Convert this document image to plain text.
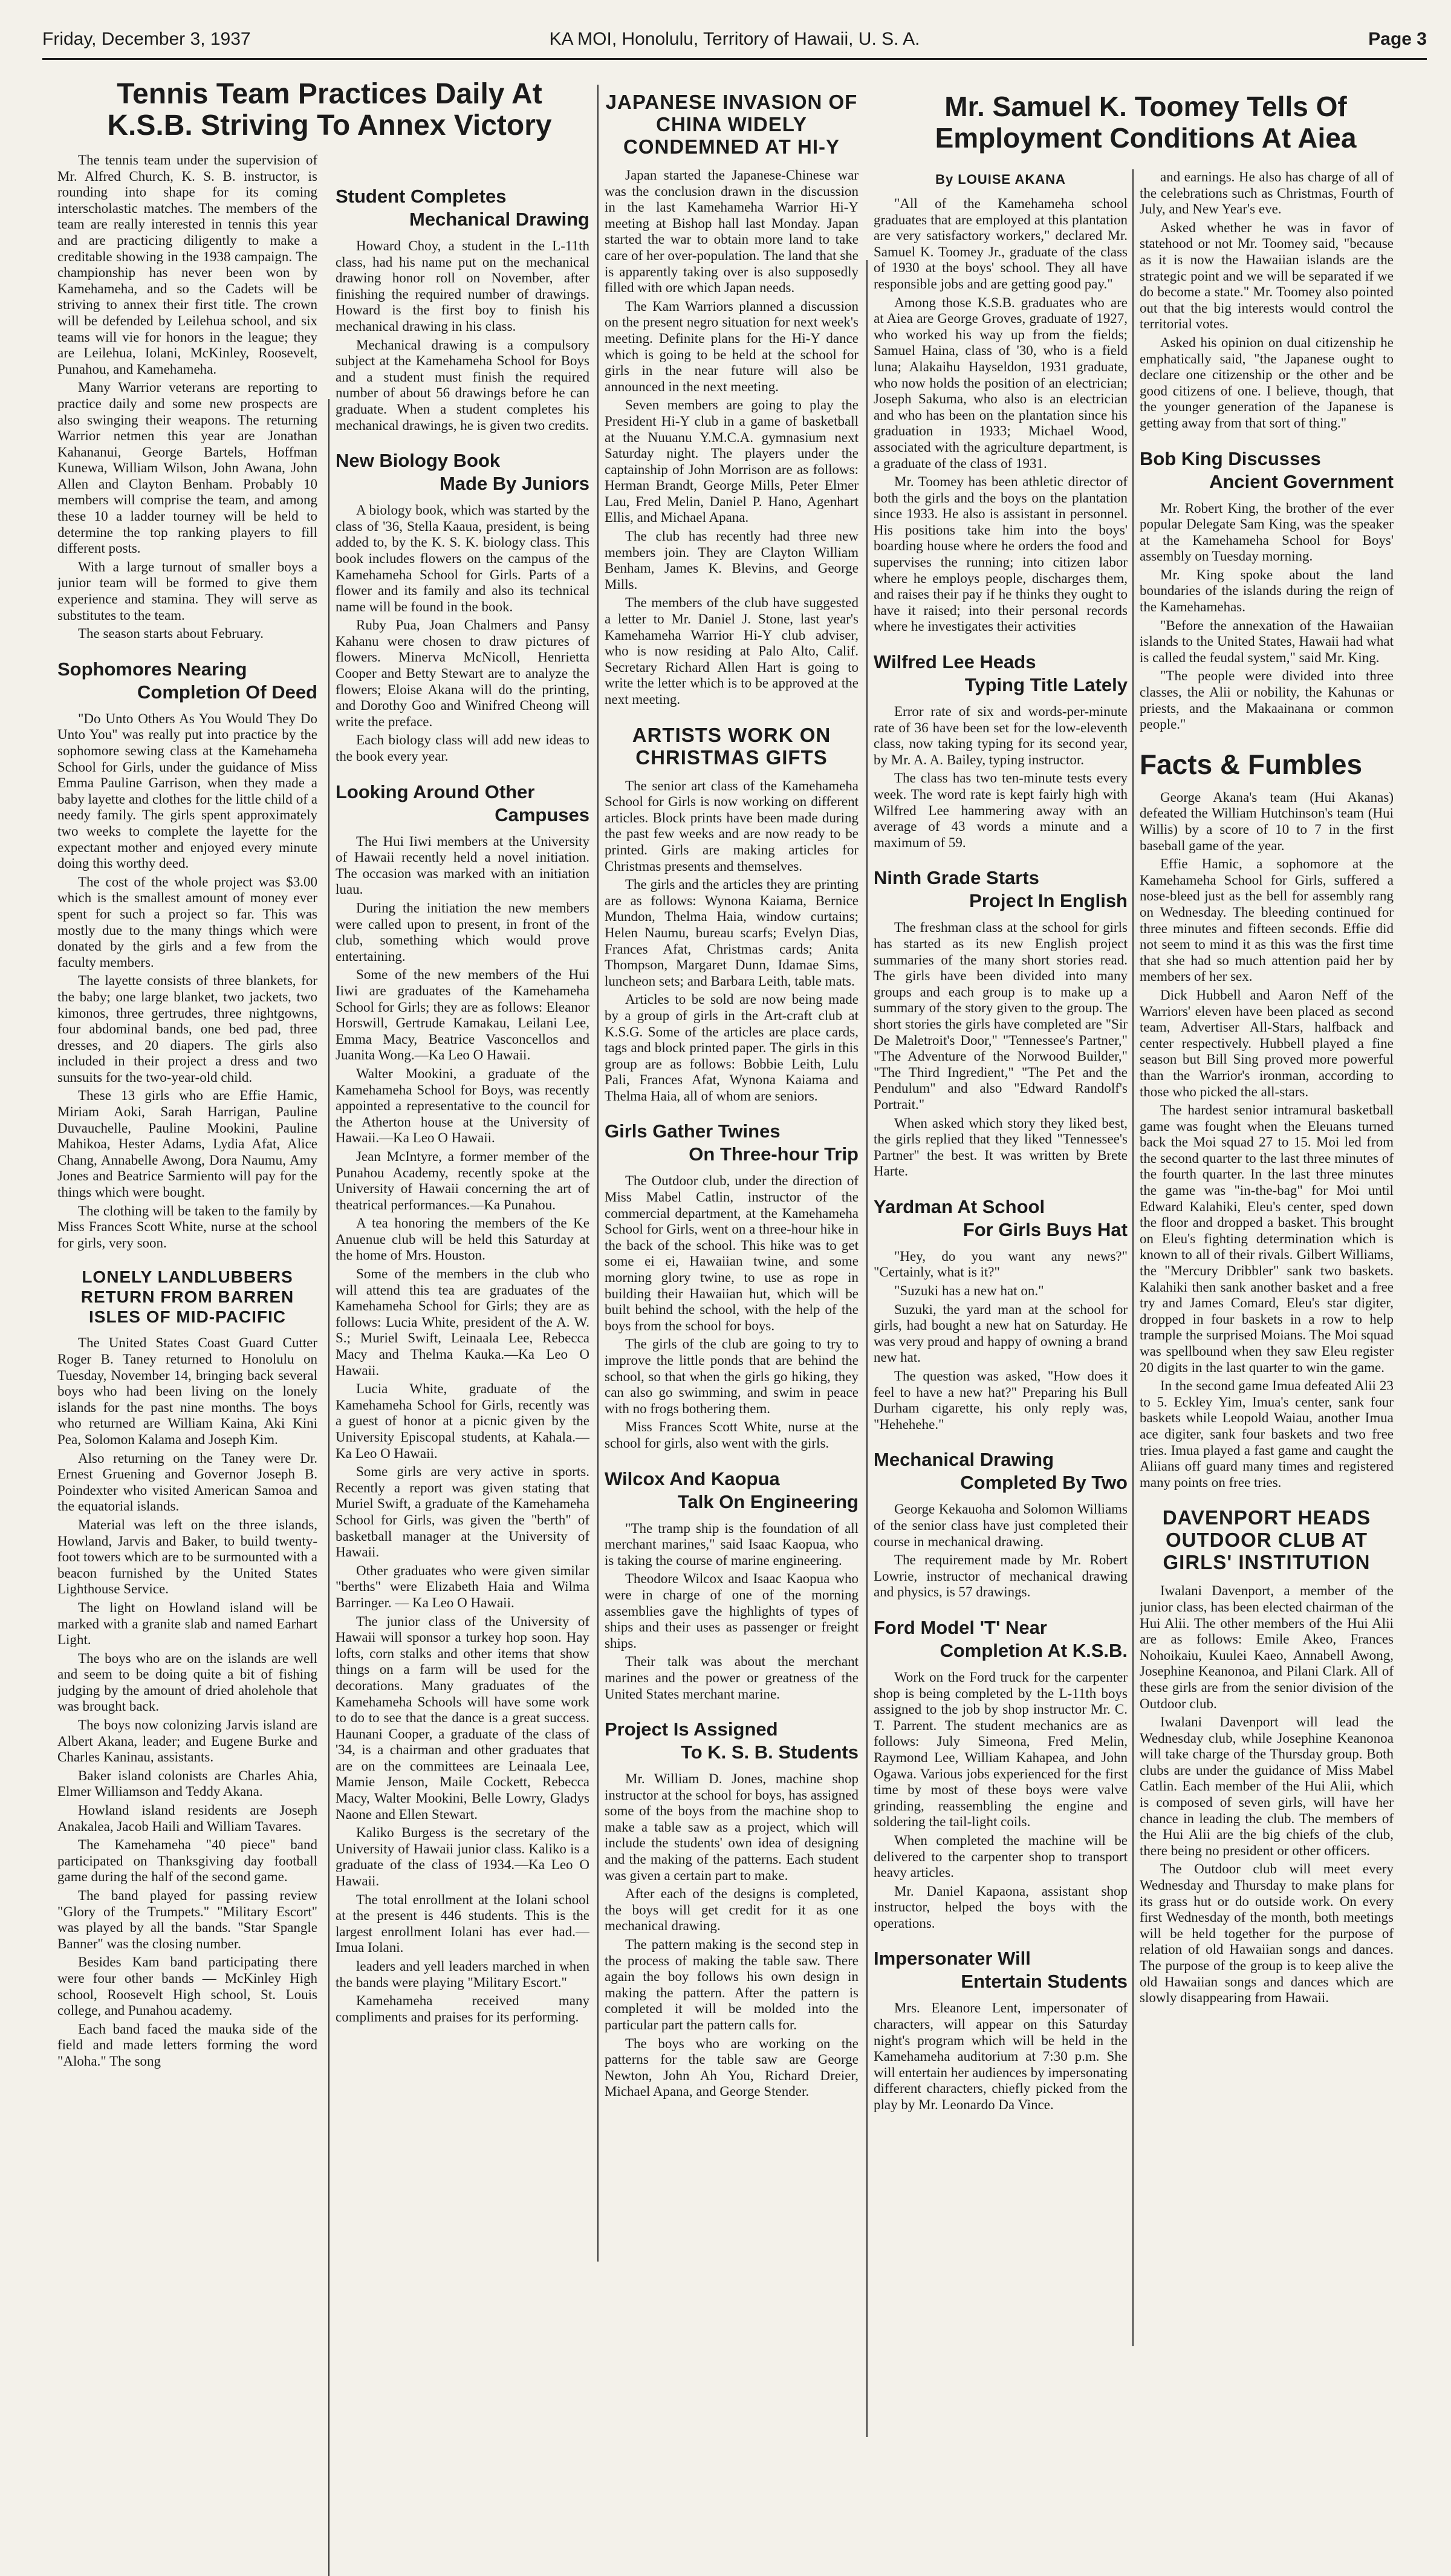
Friday, December 3, 1937	KA MOI, Honolulu, Territory of Hawaii, U. S. A.	Page 3
Tennis Team Practices Daily At
K.S.B. Striving To Annex Victory

The tennis team under the supervision of Mr. Alfred Church, K. S. B. instructor, is rounding into shape for its coming interscholastic matches. The members of the team are really interested in tennis this year and are practicing diligently to make a creditable showing in the 1938 campaign. The championship has never been won by Kamehameha, and so the Cadets will be striving to annex their first title. The crown will be defended by Leilehua school, and six teams will vie for honors in the league; they are Leilehua, Iolani, McKinley, Roosevelt, Punahou, and Kamehameha.

Many Warrior veterans are reporting to practice daily and some new prospects are also swinging their weapons. The returning Warrior netmen this year are Jonathan Kahananui, George Bartels, Hoffman Kunewa, William Wilson, John Awana, John Allen and Clayton Benham. Probably 10 members will comprise the team, and among these 10 a ladder tourney will be held to determine the top ranking players to fill different posts.

With a large turnout of smaller boys a junior team will be formed to give them experience and stamina. They will serve as substitutes to the team.

The season starts about February.

Sophomores Nearing
Completion Of Deed

"Do Unto Others As You Would They Do Unto You" was really put into practice by the sophomore sewing class at the Kamehameha School for Girls, under the guidance of Miss Emma Pauline Garrison, when they made a baby layette and clothes for the little child of a needy family. The girls spent approximately two weeks to complete the layette for the expectant mother and enjoyed every minute doing this worthy deed.

The cost of the whole project was $3.00 which is the smallest amount of money ever spent for such a project so far. This was mostly due to the many things which were donated by the girls and a few from the faculty members.

The layette consists of three blankets, for the baby; one large blanket, two jackets, two kimonos, three gertrudes, three nightgowns, four abdominal bands, one bed pad, three dresses, and 20 diapers. The girls also included in their project a dress and two sunsuits for the two-year-old child.

These 13 girls who are Effie Hamic, Miriam Aoki, Sarah Harrigan, Pauline Duvauchelle, Pauline Mookini, Pauline Mahikoa, Hester Adams, Lydia Afat, Alice Chang, Annabelle Awong, Dora Naumu, Amy Jones and Beatrice Sarmiento will pay for the things which were bought.

The clothing will be taken to the family by Miss Frances Scott White, nurse at the school for girls, very soon.

LONELY LANDLUBBERS RETURN FROM BARREN ISLES OF MID-PACIFIC

The United States Coast Guard Cutter Roger B. Taney returned to Honolulu on Tuesday, November 14, bringing back several boys who had been living on the lonely islands for the past nine months. The boys who returned are William Kaina, Aki Kini Pea, Solomon Kalama and Joseph Kim.

Also returning on the Taney were Dr. Ernest Gruening and Governor Joseph B. Poindexter who visited American Samoa and the equatorial islands.

Material was left on the three islands, Howland, Jarvis and Baker, to build twenty-foot towers which are to be surmounted with a beacon furnished by the United States Lighthouse Service.

The light on Howland island will be marked with a granite slab and named Earhart Light.

The boys who are on the islands are well and seem to be doing quite a bit of fishing judging by the amount of dried aholehole that was brought back.

The boys now colonizing Jarvis island are Albert Akana, leader; and Eugene Burke and Charles Kaninau, assistants.

Baker island colonists are Charles Ahia, Elmer Williamson and Teddy Akana.

Howland island residents are Joseph Anakalea, Jacob Haili and William Tavares.

The Kamehameha "40 piece" band participated on Thanksgiving day football game during the half of the second game.

The band played for passing review "Glory of the Trumpets." "Military Escort" was played by all the bands. "Star Spangle Banner" was the closing number.

Besides Kam band participating there were four other bands — McKinley High school, Roosevelt High school, St. Louis college, and Punahou academy.

Each band faced the mauka side of the field and made letters forming the word "Aloha." The song

Student Completes
Mechanical Drawing

Howard Choy, a student in the L-11th class, had his name put on the mechanical drawing honor roll on November, after finishing the required number of drawings. Howard is the first boy to finish his mechanical drawing in his class.

Mechanical drawing is a compulsory subject at the Kamehameha School for Boys and a student must finish the required number of about 56 drawings before he can graduate. When a student completes his mechanical drawings, he is given two credits.

New Biology Book
Made By Juniors

A biology book, which was started by the class of '36, Stella Kaaua, president, is being added to, by the K. S. K. biology class. This book includes flowers on the campus of the Kamehameha School for Girls. Parts of a flower and its family and also its technical name will be found in the book.

Ruby Pua, Joan Chalmers and Pansy Kahanu were chosen to draw pictures of flowers. Minerva McNicoll, Henrietta Cooper and Betty Stewart are to analyze the flowers; Eloise Akana will do the printing, and Dorothy Goo and Winifred Cheong will write the preface.

Each biology class will add new ideas to the book every year.

Looking Around Other
Campuses

The Hui Iiwi members at the University of Hawaii recently held a novel initiation. The occasion was marked with an initiation luau.

During the initiation the new members were called upon to present, in front of the club, something which would prove entertaining.

Some of the new members of the Hui Iiwi are graduates of the Kamehameha School for Girls; they are as follows: Eleanor Horswill, Gertrude Kamakau, Leilani Lee, Emma Macy, Beatrice Vasconcellos and Juanita Wong.—Ka Leo O Hawaii.

Walter Mookini, a graduate of the Kamehameha School for Boys, was recently appointed a representative to the council for the Atherton house at the University of Hawaii.—Ka Leo O Hawaii.

Jean McIntyre, a former member of the Punahou Academy, recently spoke at the University of Hawaii concerning the art of theatrical performances.—Ka Punahou.

A tea honoring the members of the Ke Anuenue club will be held this Saturday at the home of Mrs. Houston.

Some of the members in the club who will attend this tea are graduates of the Kamehameha School for Girls; they are as follows: Lucia White, president of the A. W. S.; Muriel Swift, Leinaala Lee, Rebecca Macy and Thelma Kauka.—Ka Leo O Hawaii.

Lucia White, graduate of the Kamehameha School for Girls, recently was a guest of honor at a picnic given by the University Episcopal students, at Kahala.—Ka Leo O Hawaii.

Some girls are very active in sports. Recently a report was given stating that Muriel Swift, a graduate of the Kamehameha School for Girls, was given the "berth" of basketball manager at the University of Hawaii.

Other graduates who were given similar "berths" were Elizabeth Haia and Wilma Barringer. — Ka Leo O Hawaii.

The junior class of the University of Hawaii will sponsor a turkey hop soon. Hay lofts, corn stalks and other items that show things on a farm will be used for the decorations. Many graduates of the Kamehameha Schools will have some work to do to see that the dance is a great success. Haunani Cooper, a graduate of the class of '34, is a chairman and other graduates that are on the committees are Leinaala Lee, Mamie Jenson, Maile Cockett, Rebecca Macy, Walter Mookini, Belle Lowry, Gladys Naone and Ellen Stewart.

Kaliko Burgess is the secretary of the University of Hawaii junior class. Kaliko is a graduate of the class of 1934.—Ka Leo O Hawaii.

The total enrollment at the Iolani school at the present is 446 students. This is the largest enrollment Iolani has ever had.—Imua Iolani.

leaders and yell leaders marched in when the bands were playing "Military Escort."

Kamehameha received many compliments and praises for its performing.

JAPANESE INVASION OF CHINA WIDELY CONDEMNED AT HI-Y

Japan started the Japanese-Chinese war was the conclusion drawn in the discussion in the last Kamehameha Warrior Hi-Y meeting at Bishop hall last Monday. Japan started the war to obtain more land to take care of her over-population. The land that she is apparently taking over is also supposedly filled with ore which Japan needs.

The Kam Warriors planned a discussion on the present negro situation for next week's meeting. Definite plans for the Hi-Y dance which is going to be held at the school for girls in the near future will also be announced in the next meeting.

Seven members are going to play the President Hi-Y club in a game of basketball at the Nuuanu Y.M.C.A. gymnasium next Saturday night. The players under the captainship of John Morrison are as follows: Herman Brandt, George Mills, Peter Elmer Lau, Fred Melin, Daniel P. Hano, Agenhart Ellis, and Michael Apana.

The club has recently had three new members join. They are Clayton William Benham, James K. Blevins, and George Mills.

The members of the club have suggested a letter to Mr. Daniel J. Stone, last year's Kamehameha Warrior Hi-Y club adviser, who is now residing at Palo Alto, Calif. Secretary Richard Allen Hart is going to write the letter which is to be approved at the next meeting.

ARTISTS WORK ON CHRISTMAS GIFTS

The senior art class of the Kamehameha School for Girls is now working on different articles. Block prints have been made during the past few weeks and are now ready to be printed. Girls are making articles for Christmas presents and themselves.

The girls and the articles they are printing are as follows: Wynona Kaiama, Bernice Mundon, Thelma Haia, window curtains; Helen Naumu, bureau scarfs; Evelyn Dias, Frances Afat, Christmas cards; Anita Thompson, Margaret Dunn, Idamae Sims, luncheon sets; and Barbara Leith, table mats.

Articles to be sold are now being made by a group of girls in the Art-craft club at K.S.G. Some of the articles are place cards, tags and block printed paper. The girls in this group are as follows: Bobbie Leith, Lulu Pali, Frances Afat, Wynona Kaiama and Thelma Haia, all of whom are seniors.

Girls Gather Twines
On Three-hour Trip

The Outdoor club, under the direction of Miss Mabel Catlin, instructor of the commercial department, at the Kamehameha School for Girls, went on a three-hour hike in the back of the school. This hike was to get some ei ei, Hawaiian twine, and some morning glory twine, to use as rope in building their Hawaiian hut, which will be built behind the school, with the help of the boys from the school for boys.

The girls of the club are going to try to improve the little ponds that are behind the school, so that when the girls go hiking, they can also go swimming, and swim in peace with no frogs bothering them.

Miss Frances Scott White, nurse at the school for girls, also went with the girls.

Wilcox And Kaopua
Talk On Engineering

"The tramp ship is the foundation of all merchant marines," said Isaac Kaopua, who is taking the course of marine engineering.

Theodore Wilcox and Isaac Kaopua who were in charge of one of the morning assemblies gave the highlights of types of ships and their uses as passenger or freight ships.

Their talk was about the merchant marines and the power or greatness of the United States merchant marine.

Project Is Assigned
To K. S. B. Students

Mr. William D. Jones, machine shop instructor at the school for boys, has assigned some of the boys from the machine shop to make a table saw as a project, which will include the students' own idea of designing and the making of the patterns. Each student was given a certain part to make.

After each of the designs is completed, the boys will get credit for it as one mechanical drawing.

The pattern making is the second step in the process of making the table saw. There again the boy follows his own design in making the pattern. After the pattern is completed it will be molded into the particular part the pattern calls for.

The boys who are working on the patterns for the table saw are George Newton, John Ah You, Richard Dreier, Michael Apana, and George Stender.

Mr. Samuel K. Toomey Tells Of
Employment Conditions At Aiea
By LOUISE AKANA

"All of the Kamehameha school graduates that are employed at this plantation are very satisfactory workers," declared Mr. Samuel K. Toomey Jr., graduate of the class of 1930 at the boys' school. They all have responsible jobs and are getting good pay."

Among those K.S.B. graduates who are at Aiea are George Groves, graduate of 1927, who worked his way up from the fields; Samuel Haina, class of '30, who is a field luna; Alakaihu Hayseldon, 1931 graduate, who now holds the position of an electrician; Joseph Sakuma, who also is an electrician and who has been on the plantation since his graduation in 1933; Michael Wood, associated with the agriculture department, is a graduate of the class of 1931.

Mr. Toomey has been athletic director of both the girls and the boys on the plantation since 1933. He also is assistant in personnel. His positions take him into the boys' boarding house where he orders the food and supervises the running; into citizen labor where he employs people, discharges them, and raises their pay if he thinks they ought to have it raised; into their personal records where he investigates their activities

Wilfred Lee Heads
Typing Title Lately

Error rate of six and words-per-minute rate of 36 have been set for the low-eleventh class, now taking typing for its second year, by Mr. A. A. Bailey, typing instructor.

The class has two ten-minute tests every week. The word rate is kept fairly high with Wilfred Lee hammering away with an average of 43 words a minute and a maximum of 59.

Ninth Grade Starts
Project In English

The freshman class at the school for girls has started as its new English project summaries of the many short stories read. The girls have been divided into many groups and each group is to make up a summary of the story given to the group. The short stories the girls have completed are "Sir De Maletroit's Door," "Tennessee's Partner," "The Adventure of the Norwood Builder," "The Third Ingredient," "The Pet and the Pendulum" and also "Edward Randolf's Portrait."

When asked which story they liked best, the girls replied that they liked "Tennessee's Partner" the best. It was written by Brete Harte.

Yardman At School
For Girls Buys Hat

"Hey, do you want any news?" "Certainly, what is it?"

"Suzuki has a new hat on."

Suzuki, the yard man at the school for girls, had bought a new hat on Saturday. He was very proud and happy of owning a brand new hat.

The question was asked, "How does it feel to have a new hat?" Preparing his Bull Durham cigarette, his only reply was, "Hehehehe."

Mechanical Drawing
Completed By Two

George Kekauoha and Solomon Williams of the senior class have just completed their course in mechanical drawing.

The requirement made by Mr. Robert Lowrie, instructor of mechanical drawing and physics, is 57 drawings.

Ford Model 'T' Near
Completion At K.S.B.

Work on the Ford truck for the carpenter shop is being completed by the L-11th boys assigned to the job by shop instructor Mr. C. T. Parrent. The student mechanics are as follows: July Simeona, Fred Melin, Raymond Lee, William Kahapea, and John Ogawa. Various jobs experienced for the first time by most of these boys were valve grinding, reassembling the engine and soldering the tail-light coils.

When completed the machine will be delivered to the carpenter shop to transport heavy articles.

Mr. Daniel Kapaona, assistant shop instructor, helped the boys with the operations.

Impersonater Will
Entertain Students

Mrs. Eleanore Lent, impersonater of characters, will appear on this Saturday night's program which will be held in the Kamehameha auditorium at 7:30 p.m. She will entertain her audiences by impersonating different characters, chiefly picked from the play by Mr. Leonardo Da Vince.

and earnings. He also has charge of all of the celebrations such as Christmas, Fourth of July, and New Year's eve.

Asked whether he was in favor of statehood or not Mr. Toomey said, "because as it is now the Hawaiian islands are the strategic point and we will be separated if we do become a state." Mr. Toomey also pointed out that the big interests would control the territorial votes.

Asked his opinion on dual citizenship he emphatically said, "the Japanese ought to declare one citizenship or the other and be good citizens of one. I believe, though, that the younger generation of the Japanese is getting away from that sort of thing."

Bob King Discusses
Ancient Government

Mr. Robert King, the brother of the ever popular Delegate Sam King, was the speaker at the Kamehameha School for Boys' assembly on Tuesday morning.

Mr. King spoke about the land boundaries of the islands during the reign of the Kamehamehas.

"Before the annexation of the Hawaiian islands to the United States, Hawaii had what is called the feudal system," said Mr. King.

"The people were divided into three classes, the Alii or nobility, the Kahunas or priests, and the Makaainana or common people."

Facts & Fumbles

George Akana's team (Hui Akanas) defeated the William Hutchinson's team (Hui Willis) by a score of 10 to 7 in the first baseball game of the year.

Effie Hamic, a sophomore at the Kamehameha School for Girls, suffered a nose-bleed just as the bell for assembly rang on Wednesday. The bleeding continued for three minutes and fifteen seconds. Effie did not seem to mind it as this was the first time that she had so much attention paid her by members of her sex.

Dick Hubbell and Aaron Neff of the Warriors' eleven have been placed as second team, Advertiser All-Stars, halfback and center respectively. Hubbell played a fine season but Bill Sing proved more powerful than the Warrior's ironman, according to those who picked the all-stars.

The hardest senior intramural basketball game was fought when the Eleuans turned back the Moi squad 27 to 15. Moi led from the second quarter to the last three minutes of the fourth quarter. In the last three minutes the game was "in-the-bag" for Moi until Edward Kalahiki, Eleu's center, sped down the floor and dropped a basket. This brought on Eleu's fighting determination which is known to all of their rivals. Gilbert Williams, the "Mercury Dribbler" sank two baskets. Kalahiki then sank another basket and a free try and James Comard, Eleu's star digiter, dropped in four baskets in a row to help trample the surprised Moians. The Moi squad was spellbound when they saw Eleu register 20 digits in the last quarter to win the game.

In the second game Imua defeated Alii 23 to 5. Eckley Yim, Imua's center, sank four baskets while Leopold Waiau, another Imua ace digiter, sank four baskets and two free tries. Imua played a fast game and caught the Aliians off guard many times and registered many points on free tries.

DAVENPORT HEADS OUTDOOR CLUB AT GIRLS' INSTITUTION

Iwalani Davenport, a member of the junior class, has been elected chairman of the Hui Alii. The other members of the Hui Alii are as follows: Emile Akeo, Frances Nohoikaiu, Kuulei Kaeo, Annabell Awong, Josephine Keanonoa, and Pilani Clark. All of these girls are from the senior division of the Outdoor club.

Iwalani Davenport will lead the Wednesday club, while Josephine Keanonoa will take charge of the Thursday group. Both clubs are under the guidance of Miss Mabel Catlin. Each member of the Hui Alii, which is composed of seven girls, will have her chance in leading the club. The members of the Hui Alii are the big chiefs of the club, there being no president or other officers.

The Outdoor club will meet every Wednesday and Thursday to make plans for its grass hut or do outside work. On every first Wednesday of the month, both meetings will be held together for the purpose of relation of old Hawaiian songs and dances. The purpose of the group is to keep alive the old Hawaiian songs and dances which are slowly disappearing from Hawaii.
